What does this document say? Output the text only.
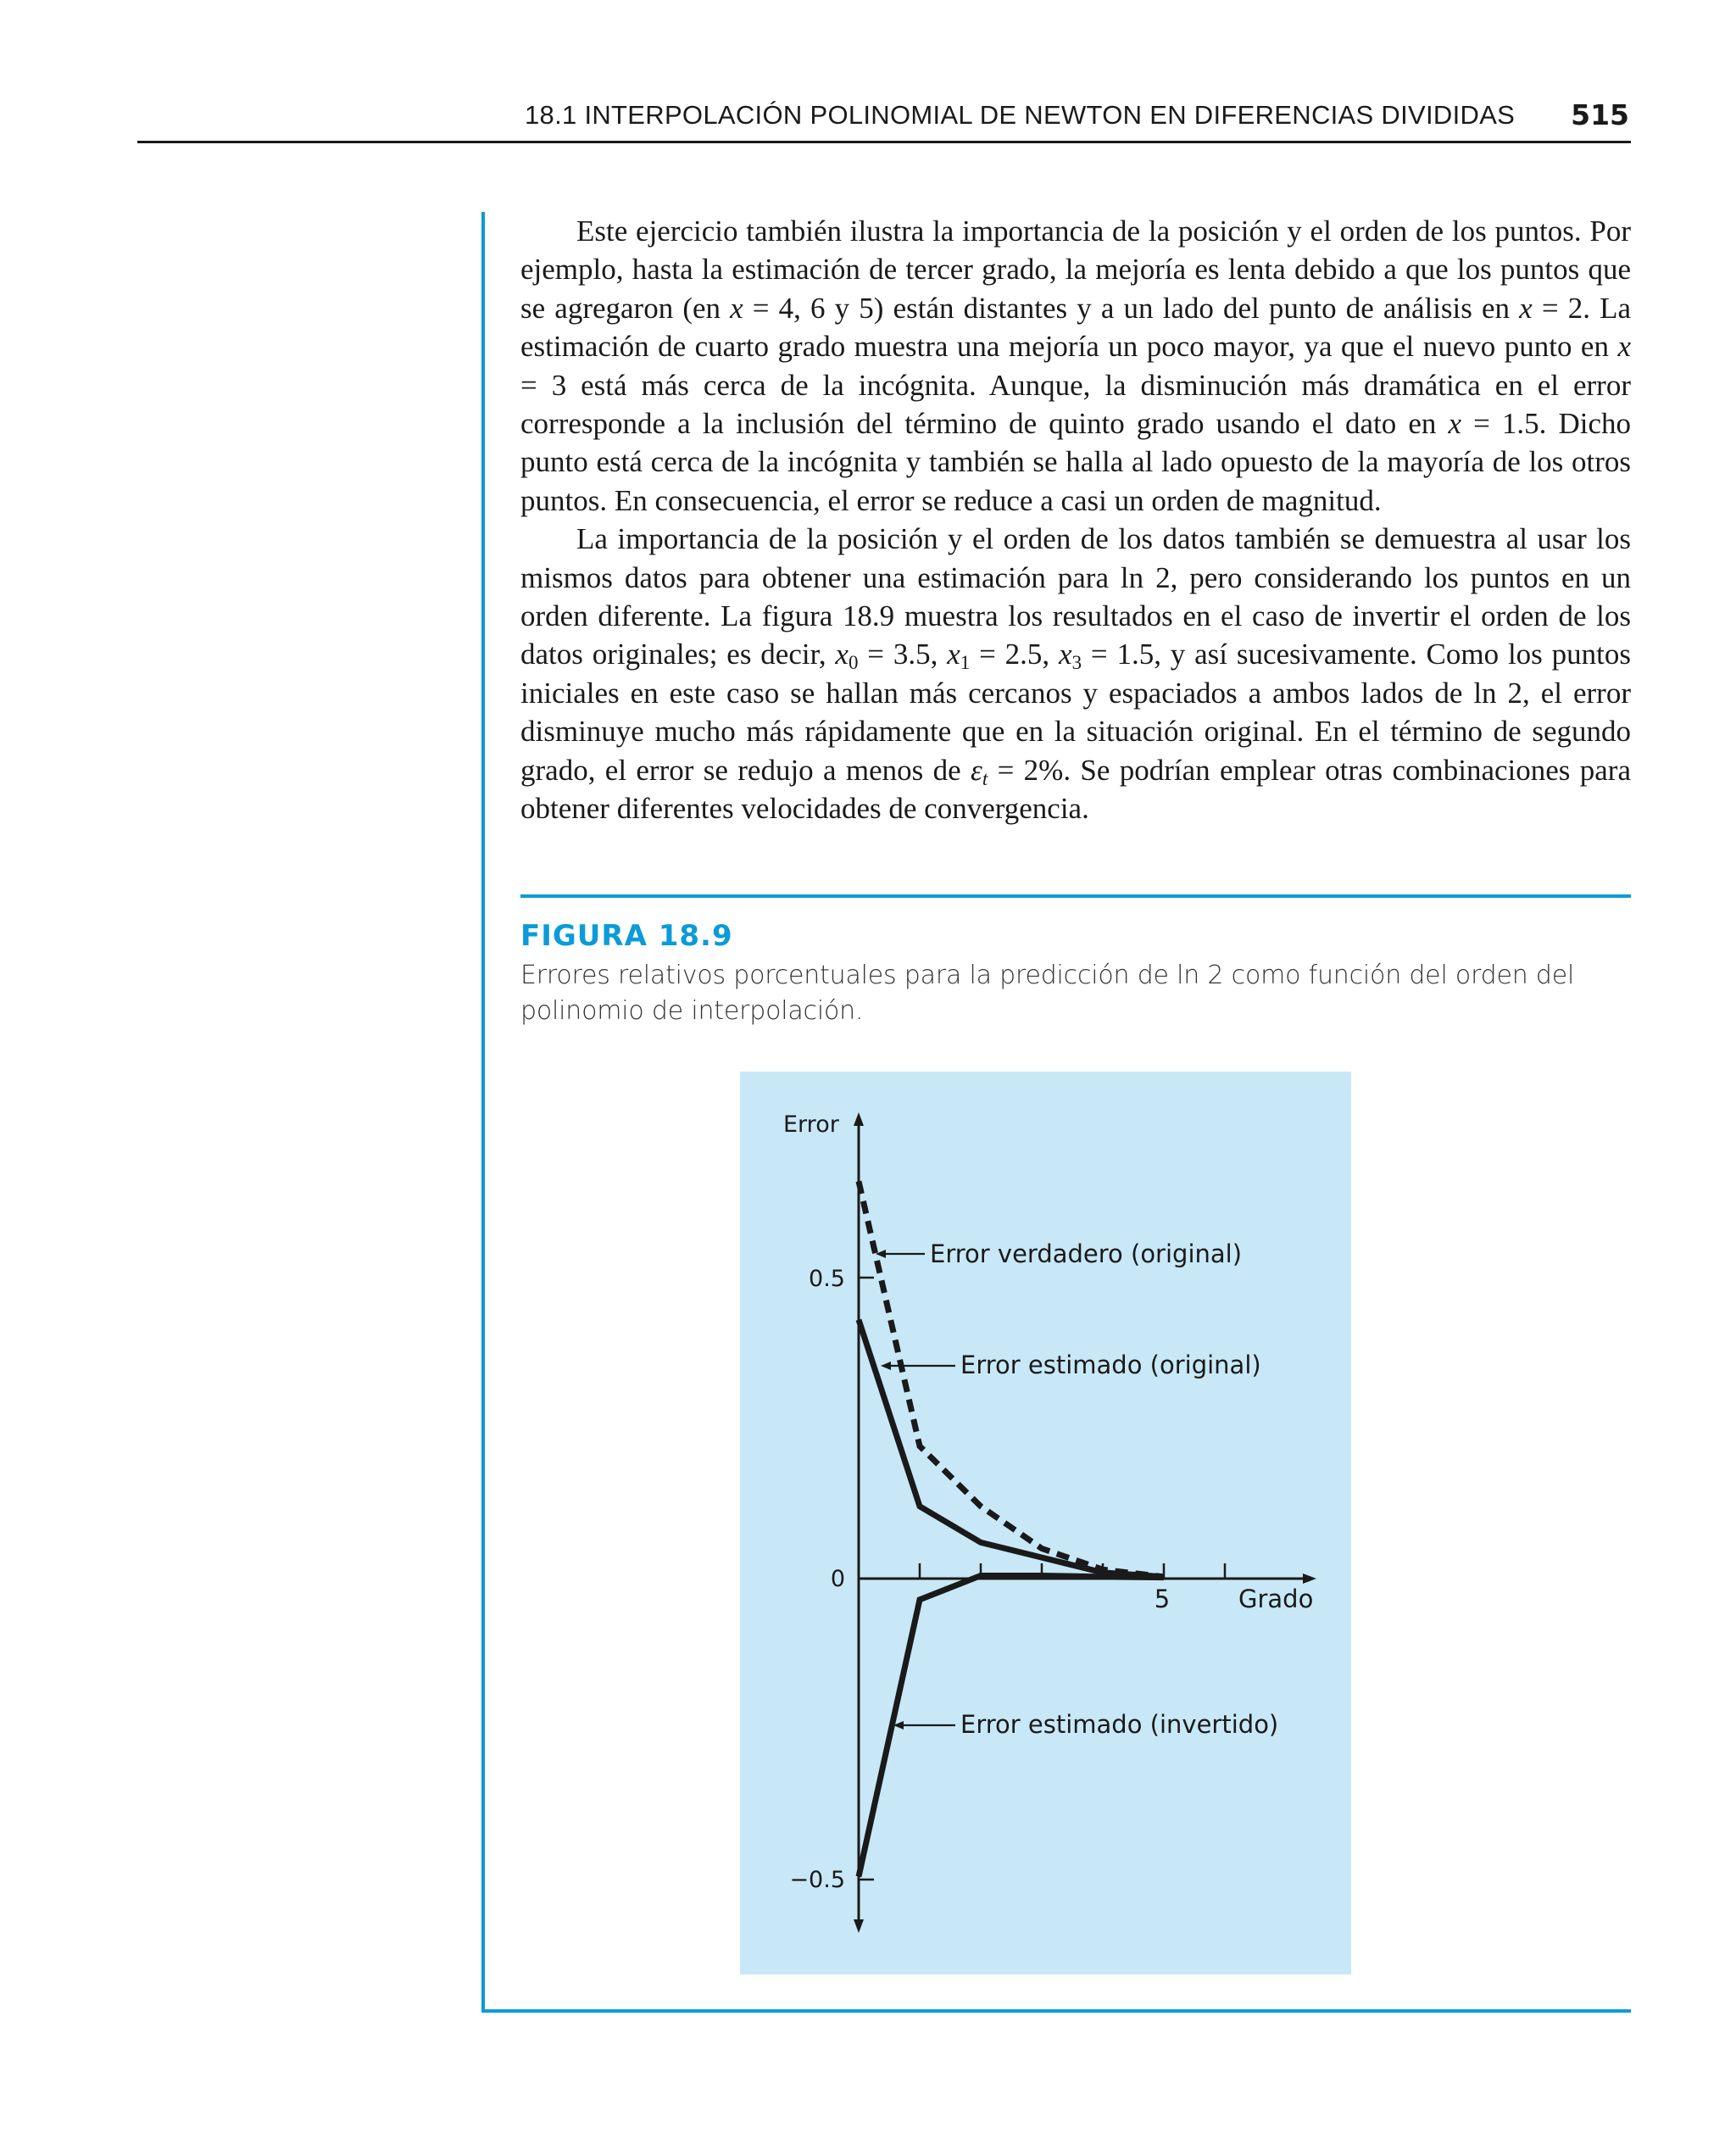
18.1 INTERPOLACIÓN POLINOMIAL DE NEWTON EN DIFERENCIAS DIVIDIDAS 515

Este ejercicio también ilustra la importancia de la posición y el orden de los puntos. Por ejemplo, hasta la estimación de tercer grado, la mejoría es lenta debido a que los puntos que se agregaron (en x = 4, 6 y 5) están distantes y a un lado del punto de análisis en x = 2. La estimación de cuarto grado muestra una mejoría un poco mayor, ya que el nuevo punto en x = 3 está más cerca de la incógnita. Aunque, la disminución más dramática en el error corresponde a la inclusión del término de quinto grado usando el dato en x = 1.5. Dicho punto está cerca de la incógnita y también se halla al lado opuesto de la mayoría de los otros puntos. En consecuencia, el error se reduce a casi un orden de magnitud.

La importancia de la posición y el orden de los datos también se demuestra al usar los mismos datos para obtener una estimación para ln 2, pero considerando los puntos en un orden diferente. La figura 18.9 muestra los resultados en el caso de invertir el orden de los datos originales; es decir, $x_0 = 3.5$, $x_1 = 2.5$, $x_3 = 1.5$, y así sucesivamente. Como los puntos iniciales en este caso se hallan más cercanos y espaciados a ambos lados de ln 2, el error disminuye mucho más rápidamente que en la situación original. En el término de segundo grado, el error se redujo a menos de $\varepsilon_t = 2\%$. Se podrían emplear otras combinaciones para obtener diferentes velocidades de convergencia.

FIGURA 18.9
Errores relativos porcentuales para la predicción de ln 2 como función del orden del polinomio de interpolación.
Error
Grado
0.5
0
−0.5
5
Error verdadero (original)
Error estimado (original)
Error estimado (invertido)
